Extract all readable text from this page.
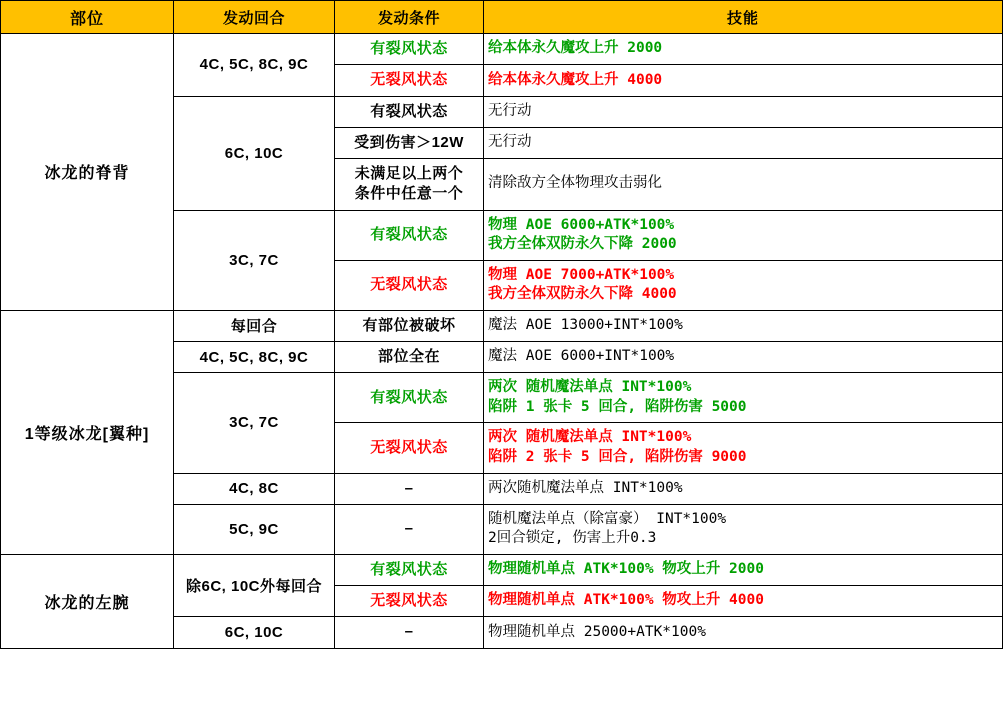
部位	发动回合	发动条件	技能
冰龙的脊背	4C, 5C, 8C, 9C	有裂风状态	给本体永久魔攻上升 2000

		无裂风状态	给本体永久魔攻上升 4000

	6C, 10C	有裂风状态	无行动

		受到伤害＞12W	无行动

		未满足以上两个
条件中任意一个	清除敌方全体物理攻击弱化

	3C, 7C	有裂风状态	物理 AOE 6000+ATK*100%
我方全体双防永久下降 2000

		无裂风状态	物理 AOE 7000+ATK*100%
我方全体双防永久下降 4000

1等级冰龙[翼种]	每回合	有部位被破坏	魔法 AOE 13000+INT*100%

	4C, 5C, 8C, 9C	部位全在	魔法 AOE 6000+INT*100%

	3C, 7C	有裂风状态	两次 随机魔法单点 INT*100%
陷阱 1 张卡 5 回合, 陷阱伤害 5000

		无裂风状态	两次 随机魔法单点 INT*100%
陷阱 2 张卡 5 回合, 陷阱伤害 9000

	4C, 8C	–	两次随机魔法单点 INT*100%

	5C, 9C	–	随机魔法单点（除富豪） INT*100%
2回合锁定, 伤害上升0.3

冰龙的左腕	除6C, 10C外每回合	有裂风状态	物理随机单点 ATK*100% 物攻上升 2000

		无裂风状态	物理随机单点 ATK*100% 物攻上升 4000

	6C, 10C	–	物理随机单点 25000+ATK*100%
